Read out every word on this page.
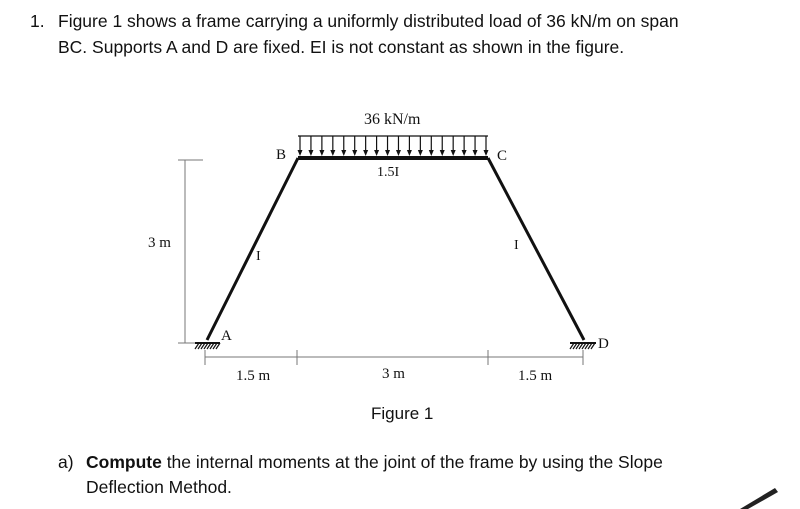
1. Figure 1 shows a frame carrying a uniformly distributed load of 36 kN/m on span
BC. Supports A and D are fixed. EI is not constant as shown in the figure.
3 m
1.5 m	3 m	1.5 m
36 kN/m
A
B	C
D
I
1.5I
I
Figure 1
a) Compute the internal moments at the joint of the frame by using the Slope
Deflection Method.
